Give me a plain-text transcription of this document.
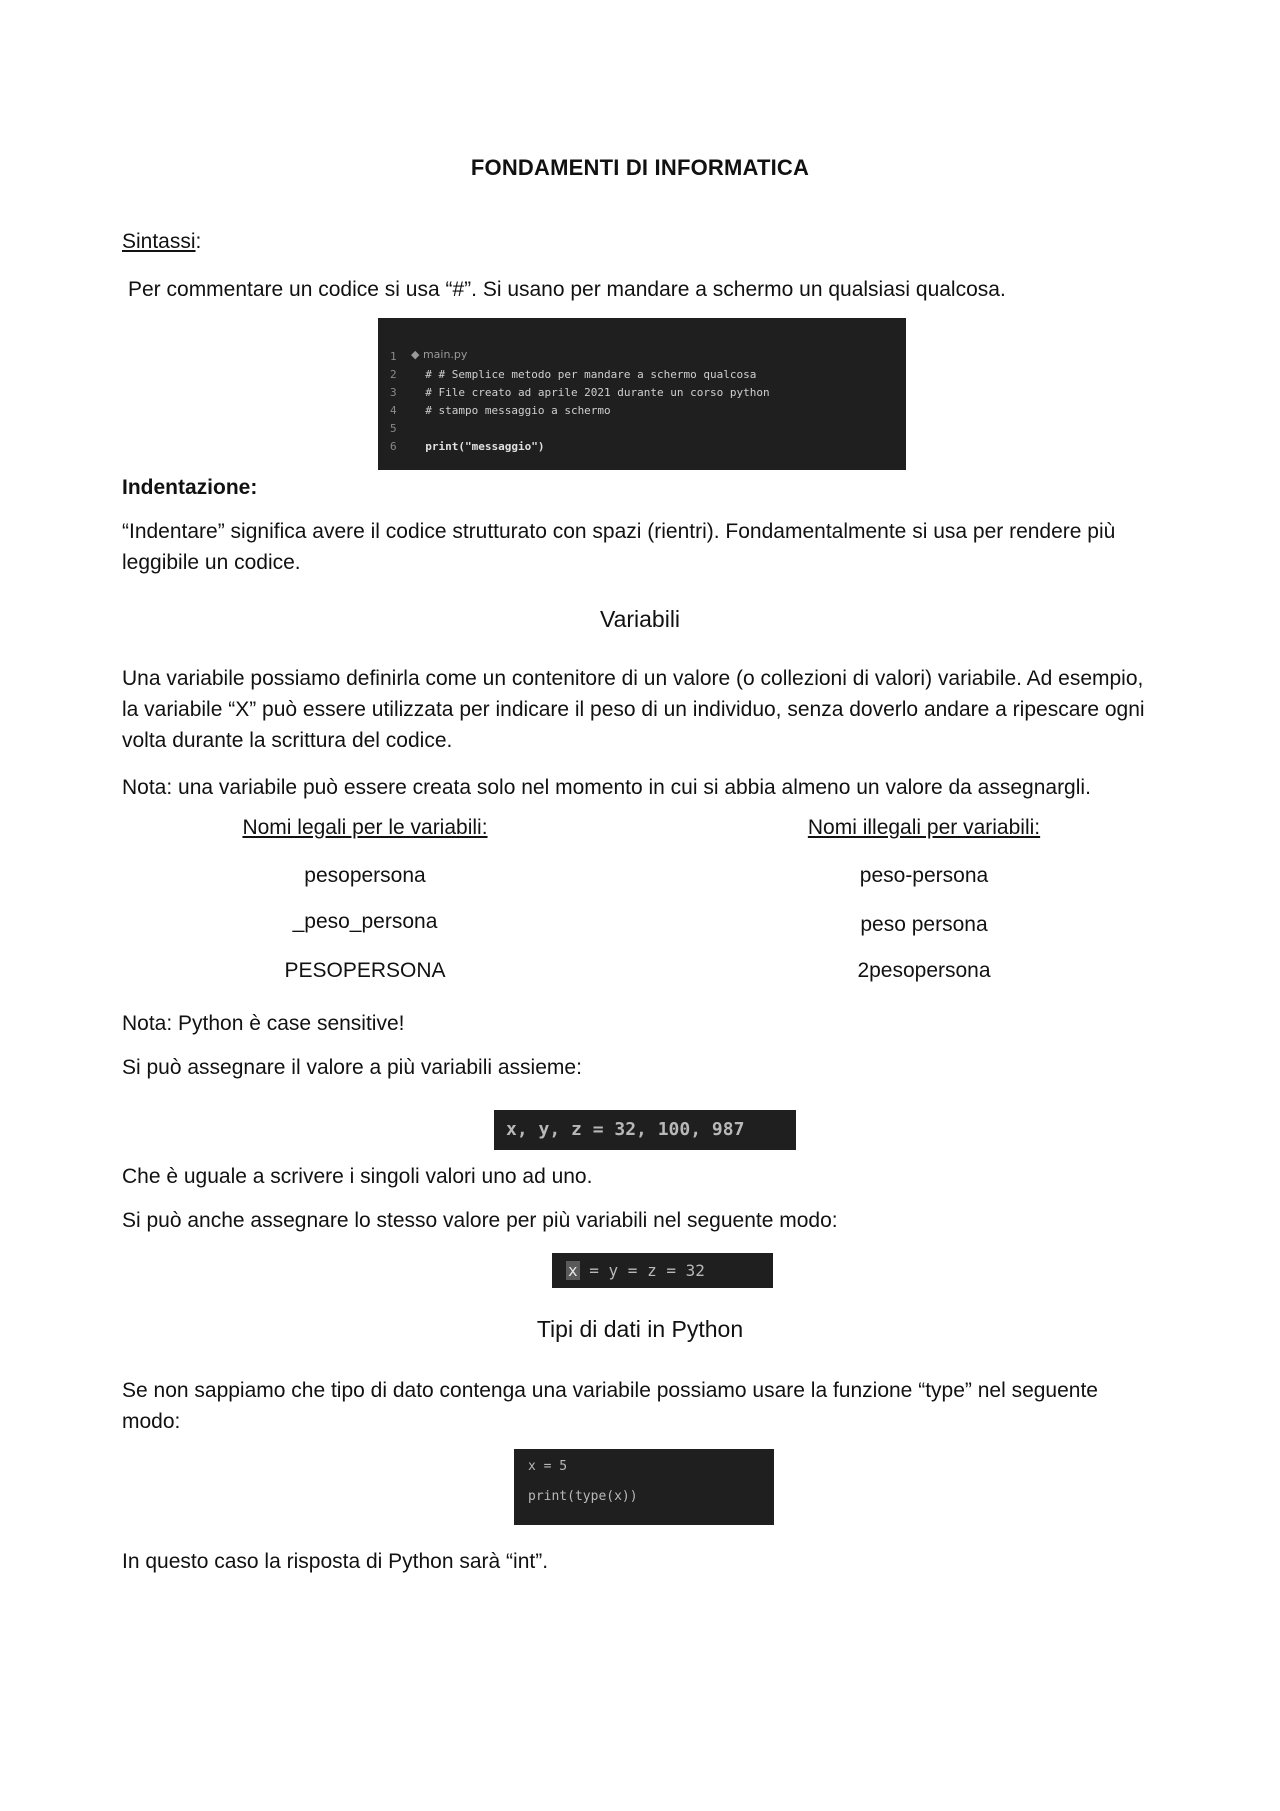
FONDAMENTI DI INFORMATICA
Sintassi:
Per commentare un codice si usa “#”. Si usano per mandare a schermo un qualsiasi qualcosa.

◆ main.py

1
2  # # Semplice metodo per mandare a schermo qualcosa
3  # File creato ad aprile 2021 durante un corso python
4  # stampo messaggio a schermo
5
6  print("messaggio")
Indentazione:
“Indentare” significa avere il codice strutturato con spazi (rientri). Fondamentalmente si usa per rendere più leggibile un codice.
Variabili
Una variabile possiamo definirla come un contenitore di un valore (o collezioni di valori) variabile. Ad esempio, la variabile “X” può essere utilizzata per indicare il peso di un individuo, senza doverlo andare a ripescare ogni volta durante la scrittura del codice.
Nota: una variabile può essere creata solo nel momento in cui si abbia almeno un valore da assegnargli.
Nomi legali per le variabili:	Nomi illegali per variabili:
pesopersona
_peso_persona
PESOPERSONA
peso-persona
peso persona
2pesopersona
Nota: Python è case sensitive!
Si può assegnare il valore a più variabili assieme:
x, y, z = 32, 100, 987
Che è uguale a scrivere i singoli valori uno ad uno.
Si può anche assegnare lo stesso valore per più variabili nel seguente modo:
x = y = z = 32
Tipi di dati in Python
Se non sappiamo che tipo di dato contenga una variabile possiamo usare la funzione “type” nel seguente modo:
x = 5
print(type(x))
In questo caso la risposta di Python sarà “int”.
